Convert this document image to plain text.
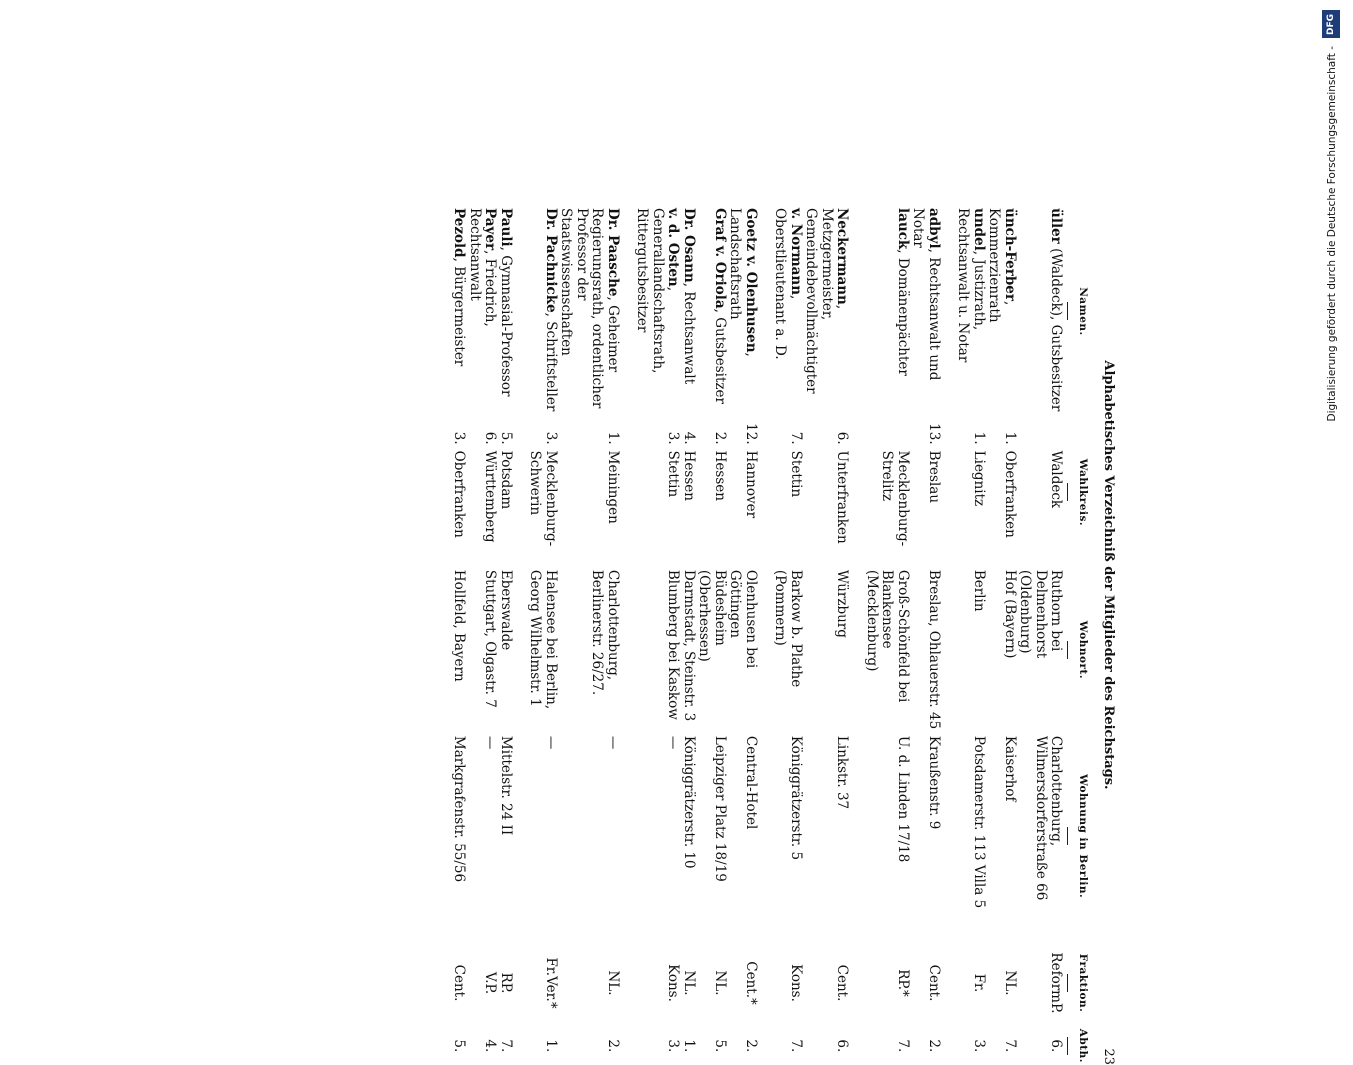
Alphabetisches Verzeichniß der Mitglieder des Reichstags.
23
Namen.	Wahlkreis.		Wohnort.	Wohnung in Berlin.	Fraktion.	Abth.

üller (Waldeck), Gutsbesitzer		Waldeck	Ruthorn bei Delmenhorst (Oldenburg)	Charlottenburg, Wilmersdorferstraße 66	ReformP.	6.
ünch-Ferber, Kommerzienrath	1.	Oberfranken	Hof (Bayern)	Kaiserhof	NL.	7.
undel, Justizrath, Rechtsanwalt u. Notar	1.	Liegnitz	Berlin	Potsdamerstr. 113 Villa 5	Fr.	3.

adbyl, Rechtsanwalt und Notar	13.	Breslau	Breslau, Ohlauerstr. 45	Kraußenstr. 9	Cent.	2.
lauck, Domänenpächter		Mecklenburg-Strelitz	Groß-Schönfeld bei Blankensee (Mecklenburg)	U. d. Linden 17/18	RP.*	7.

Neckermann, Metzgermeister, Gemeindebevollmächtigter	6.	Unterfranken	Würzburg	Linkstr. 37	Cent.	6.
v. Normann, Oberstlieutenant a. D.	7.	Stettin	Barkow b. Plathe (Pommern)	Königgrätzerstr. 5	Kons.	7.

Goetz v. Olenhusen, Landschaftsrath	12.	Hannover	Olenhusen bei Göttingen	Central-Hotel	Cent.*	2.
Graf v. Oriola, Gutsbesitzer	2.	Hessen	Büdesheim (Oberhessen)	Leipziger Platz 18/19	NL.	5.
Dr. Osann, Rechtsanwalt	4.	Hessen	Darmstadt, Steinstr. 3	Königgrätzerstr. 10	NL.	1.
v. d. Osten, Generallandschaftsrath, Rittergutsbesitzer	3.	Stettin	Blumberg bei Kaskow	—	Kons.	3.

Dr. Paasche, Geheimer Regierungsrath, ordentlicher Professor der Staatswissenschaften	1.	Meiningen	Charlottenburg, Berlinerstr. 26/27.	—	NL.	2.
Dr. Pachnicke, Schriftsteller	3.	Mecklenburg-Schwerin	Halensee bei Berlin, Georg Wilhelmstr. 1	—	Fr.Ver.*	1.

Pauli, Gymnasial-Professor	5.	Potsdam	Eberswalde	Mittelstr. 24 II	RP.	7.
Payer, Friedrich, Rechtsanwalt	6.	Württemberg	Stuttgart, Olgastr. 7	—	V.P.	4.
Pezold, Bürgermeister	3.	Oberfranken	Hollfeld, Bayern	Markgrafenstr. 55/56	Cent.	5.
DFG
Digitalisierung gefördert durch die Deutsche Forschungsgemeinschaft -
